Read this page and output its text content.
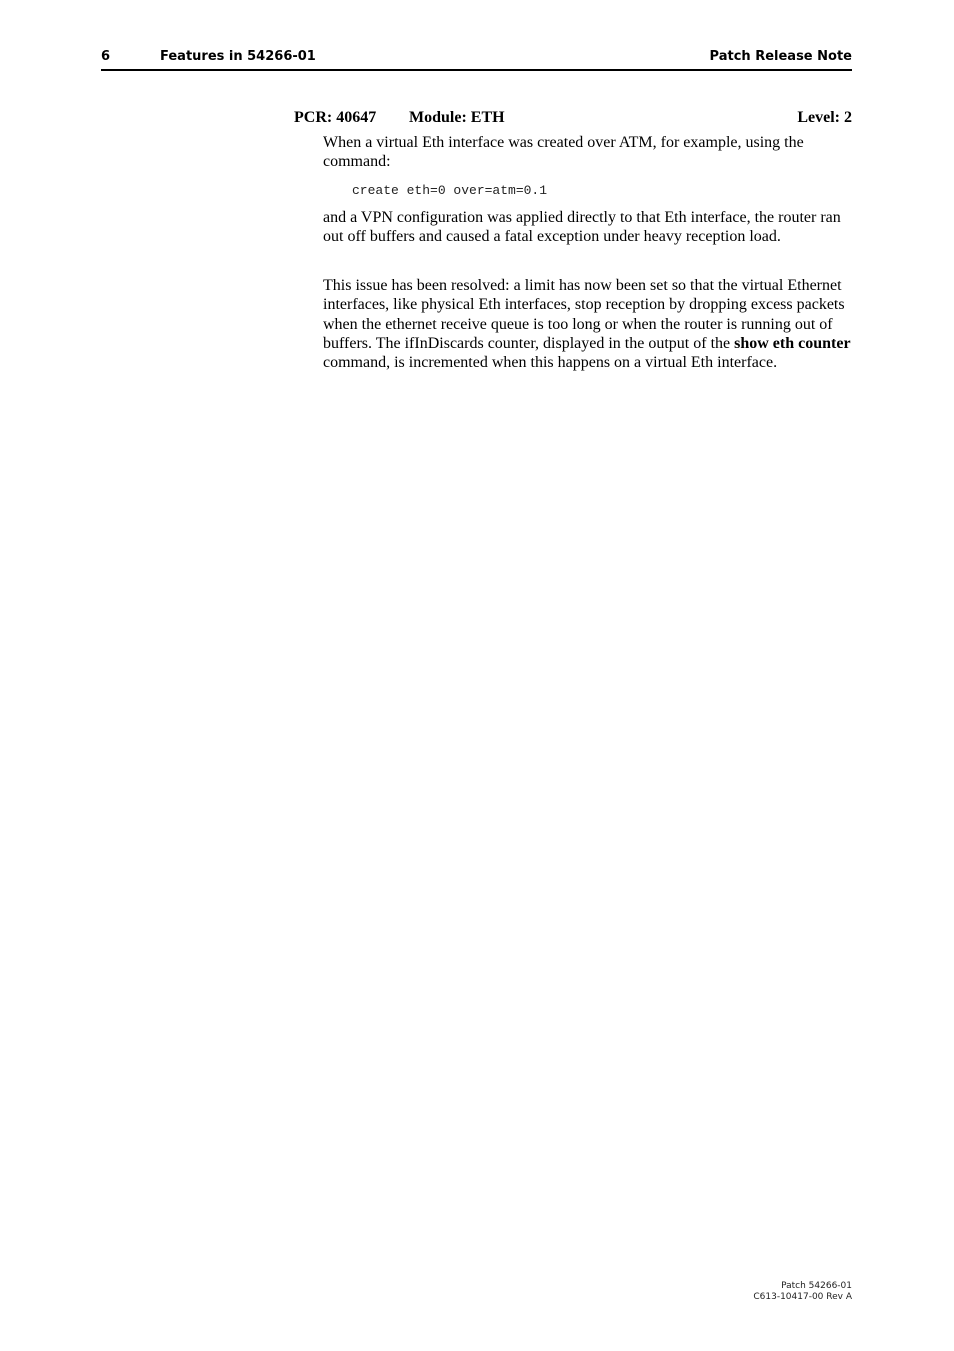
6	Features in 54266-01	Patch Release Note
PCR: 40647 Module: ETH	Level: 2

When a virtual Eth interface was created over ATM, for example, using the command:

create eth=0 over=atm=0.1

and a VPN configuration was applied directly to that Eth interface, the router ran out off buffers and caused a fatal exception under heavy reception load.

This issue has been resolved: a limit has now been set so that the virtual Ethernet interfaces, like physical Eth interfaces, stop reception by dropping excess packets when the ethernet receive queue is too long or when the router is running out of buffers. The ifInDiscards counter, displayed in the output of the show eth counter command, is incremented when this happens on a virtual Eth interface.

Patch 54266-01
C613-10417-00 Rev A
